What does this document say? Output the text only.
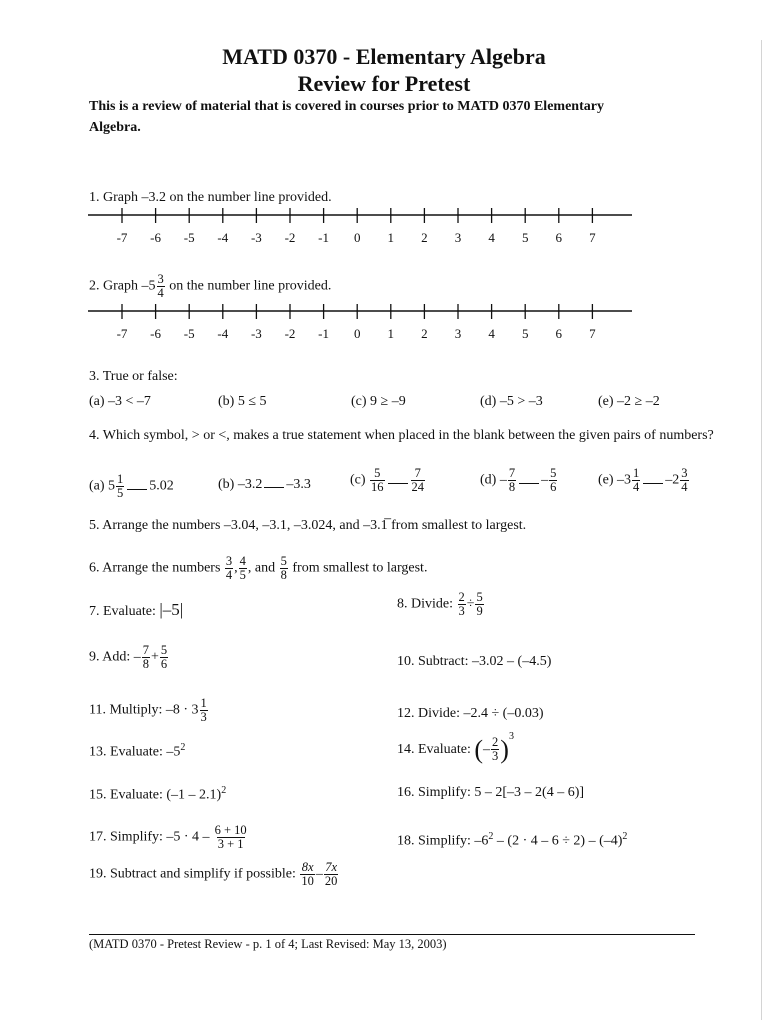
MATD 0370 - Elementary Algebra
Review for Pretest
This is a review of material that is covered in courses prior to MATD 0370 Elementary Algebra.
1. Graph –3.2 on the number line provided.
-7	-6	-5	-4	-3	-2	-1	0	1	2	3	4	5	6	7
2. Graph $-5 \frac{3}{4}$ on the number line provided.
-7	-6	-5	-4	-3	-2	-1	0	1	2	3	4	5	6	7
3. True or false:
(a) –3 < –7	(b) 5 ≤ 5	(c) 9 ≥ –9	(d) –5 > –3	(e) –2 ≥ –2
4. Which symbol, > or <, makes a true statement when placed in the blank between the given pairs of numbers?
(a) $5 \frac{1}{5} 5.02$	(b) –3.2 –3.3	$(c) \frac{5}{16} \frac{7}{24}$	$(d) - \frac{7}{8} - \frac{5}{6}$	(e) $-3 \frac{1}{4} -2 \frac{3}{4}$
5. Arrange the numbers –3.04, –3.1, –3.024, and –3.1̅ from smallest to largest.
6. Arrange the numbers $\frac{3}{4}$ , $\frac{4}{5}$ , and $\frac{5}{8}$ from smallest to largest.
7. Evaluate: |–5|	8. Divide: $\frac{2}{3} \div \frac{5}{9}$
9. Add: – $\frac{7}{8} + \frac{5}{6}$	10. Subtract: –3.02 – (–4.5)
11. Multiply: $-8 \cdot 3 \frac{1}{3}$	12. Divide: –2.4 ÷ (–0.03)
13. Evaluate: $-5^2$	14. Evaluate: (– $\frac{2}{3} )^3$
15. Evaluate: (–1 – 2.1)$^2$	16. Simplify: 5 – 2[–3 – 2(4 – 6)]
17. Simplify: $-5 \cdot 4 - \frac{6 + 10}{3 + 1}$	18. Simplify: $-6^2 - (2 \cdot 4 - 6 \div 2) - (-4)^2$
19. Subtract and simplify if possible: $\frac{8x}{10} - \frac{7x}{20}$
(MATD 0370 - Pretest Review - p. 1 of 4; Last Revised: May 13, 2003)
